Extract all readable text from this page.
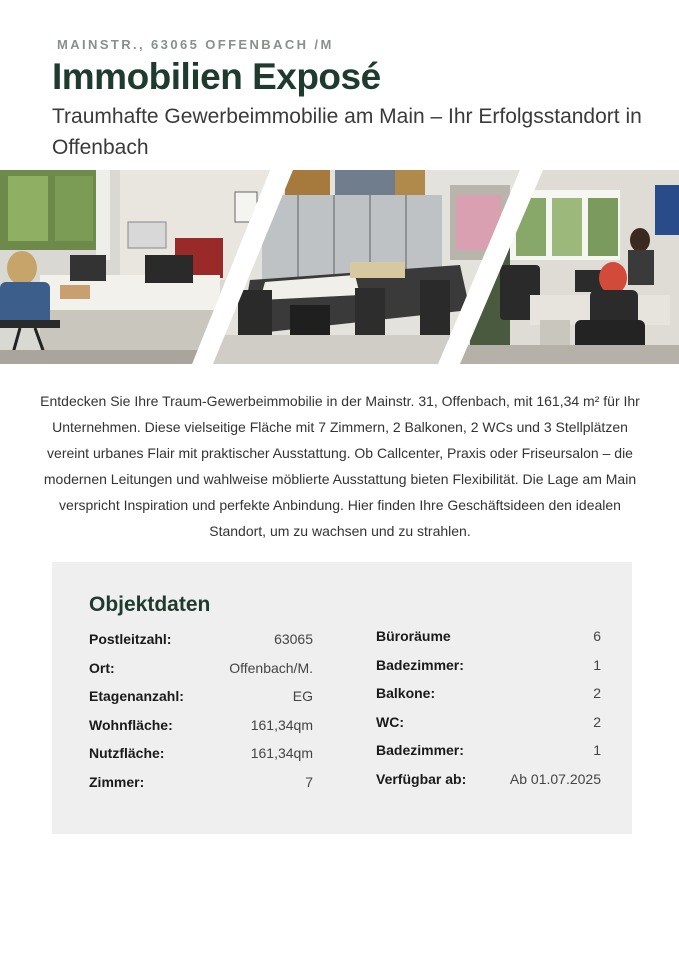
MAINSTR., 63065 OFFENBACH /M
Immobilien Exposé
Traumhafte Gewerbeimmobilie am Main – Ihr Erfolgsstandort in Offenbach

Entdecken Sie Ihre Traum-Gewerbeimmobilie in der Mainstr. 31, Offenbach, mit 161,34 m² für Ihr Unternehmen. Diese vielseitige Fläche mit 7 Zimmern, 2 Balkonen, 2 WCs und 3 Stellplätzen vereint urbanes Flair mit praktischer Ausstattung. Ob Callcenter, Praxis oder Friseursalon – die modernen Leitungen und wahlweise möblierte Ausstattung bieten Flexibilität. Die Lage am Main verspricht Inspiration und perfekte Anbindung. Hier finden Ihre Geschäftsideen den idealen Standort, um zu wachsen und zu strahlen.

Objektdaten
Postleitzahl:	63065
Ort:	Offenbach/M.
Etagenanzahl:	EG
Wohnfläche:	161,34qm
Nutzfläche:	161,34qm
Zimmer:	7
Büroräume	6
Badezimmer:	1
Balkone:	2
WC:	2
Badezimmer:	1
Verfügbar ab:	Ab 01.07.2025
